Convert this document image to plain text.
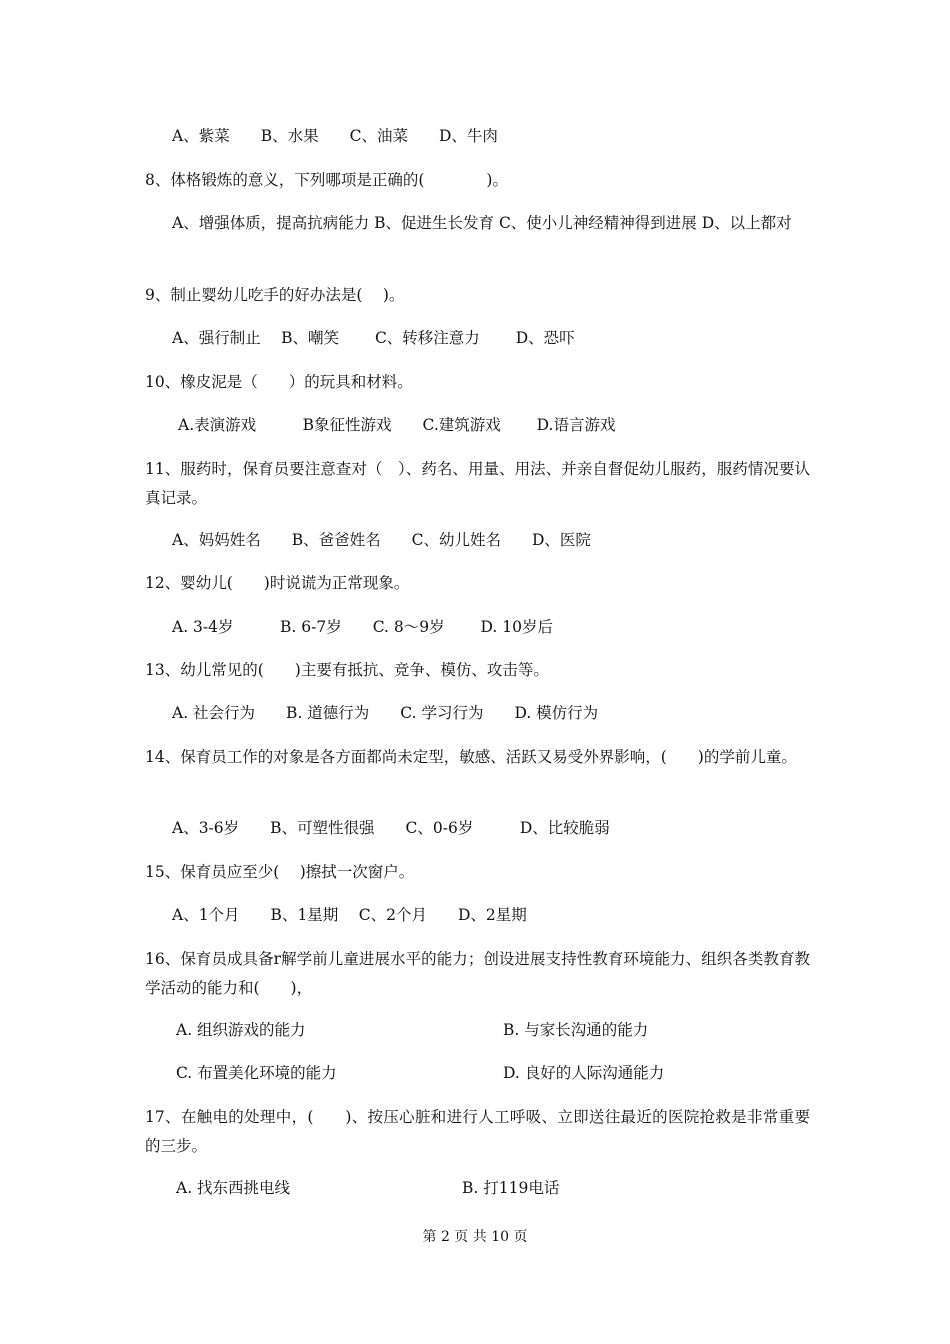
A、紫菜　　B、水果　　C、油菜　　D、牛肉
8、体格锻炼的意义，下列哪项是正确的(　　　　)。
A、增强体质，提高抗病能力 B、促进生长发育 C、使小儿神经精神得到进展 D、以上都对
9、制止婴幼儿吃手的好办法是(　 )。
A、强行制止　 B、嘲笑　　 C、转移注意力　　 D、恐吓
10、橡皮泥是（　　）的玩具和材料。
A.表演游戏　　　B象征性游戏　　C.建筑游戏　　 D.语言游戏
11、服药时，保育员要注意查对（　）、药名、用量、用法、并亲自督促幼儿服药，服药情况要认真记录。
A、妈妈姓名　　B、爸爸姓名　　C、幼儿姓名　　D、医院
12、婴幼儿(　　)时说谎为正常现象。
A. 3-4岁　　　B. 6-7岁　　C. 8～9岁　　 D. 10岁后
13、幼儿常见的(　　)主要有抵抗、竞争、模仿、攻击等。
A. 社会行为　　B. 道德行为　　C. 学习行为　　D. 模仿行为
14、保育员工作的对象是各方面都尚未定型，敏感、活跃又易受外界影响，(　　)的学前儿童。
A、3-6岁　　B、可塑性很强　　C、0-6岁　　　D、比较脆弱
15、保育员应至少(　 )擦拭一次窗户。
A、1个月　　B、1星期　 C、2个月　　D、2星期
16、保育员成具备r解学前儿童进展水平的能力；创设进展支持性教育环境能力、组织各类教育教学活动的能力和(　　)，
A. 组织游戏的能力	B. 与家长沟通的能力
C. 布置美化环境的能力	D. 良好的人际沟通能力
17、在触电的处理中，(　　)、按压心脏和进行人工呼吸、立即送往最近的医院抢救是非常重要的三步。
A. 找东西挑电线	B. 打119电话
第 2 页 共 10 页
